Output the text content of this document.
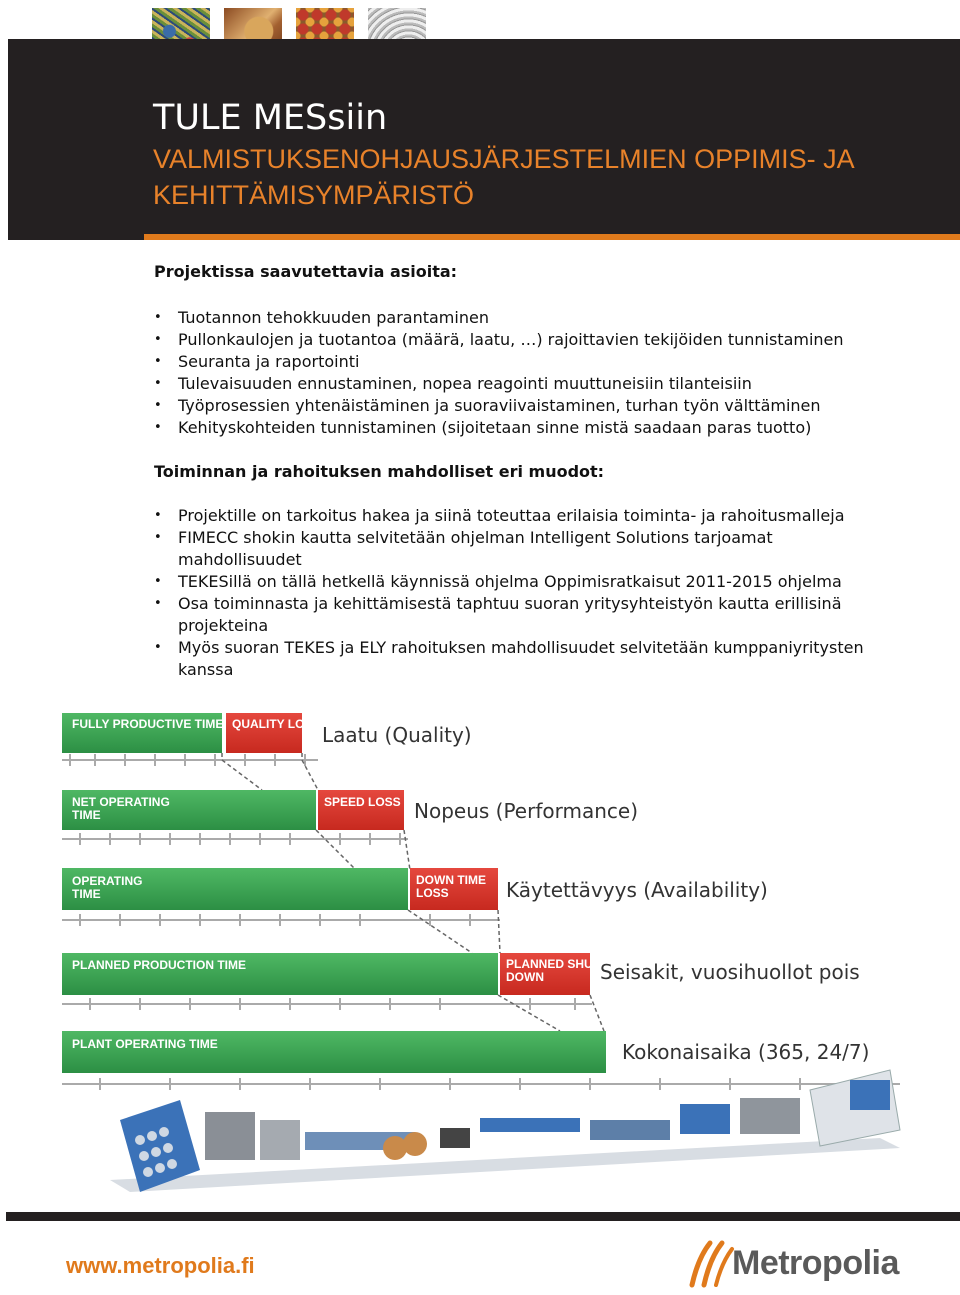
TULE MESsiin
VALMISTUKSENOHJAUSJÄRJESTELMIEN OPPIMIS- JA
KEHITTÄMISYMPÄRISTÖ
Projektissa saavutettavia asioita:
• Tuotannon tehokkuuden parantaminen
• Pullonkaulojen ja tuotantoa (määrä, laatu, …) rajoittavien tekijöiden tunnistaminen
• Seuranta ja raportointi
• Tulevaisuuden ennustaminen, nopea reagointi muuttuneisiin tilanteisiin
• Työprosessien yhtenäistäminen ja suoraviivaistaminen, turhan työn välttäminen
• Kehityskohteiden tunnistaminen (sijoitetaan sinne mistä saadaan paras tuotto)
Toiminnan ja rahoituksen mahdolliset eri muodot:
• Projektille on tarkoitus hakea ja siinä toteuttaa erilaisia toiminta- ja rahoitusmalleja
• FIMECC shokin kautta selvitetään ohjelman Intelligent Solutions tarjoamat mahdollisuudet
• TEKESillä on tällä hetkellä käynnissä ohjelma Oppimisratkaisut 2011-2015 ohjelma
• Osa toiminnasta ja kehittämisestä taphtuu suoran yritysyhteistyön kautta erillisinä projekteina
• Myös suoran TEKES ja ELY rahoituksen mahdollisuudet selvitetään kumppaniyritysten kanssa
FULLY PRODUCTIVE TIME QUALITY LOSS Laatu (Quality)
NET OPERATING TIME
SPEED LOSS Nopeus (Performance)
OPERATING TIME
DOWN TIME LOSS	Käytettävyys (Availability)
PLANNED PRODUCTION TIME	PLANNED SHUT DOWN	Seisakit, vuosihuollot pois
PLANT OPERATING TIME	Kokonaisaika (365, 24/7)
www.metropolia.fi	Metropolia
